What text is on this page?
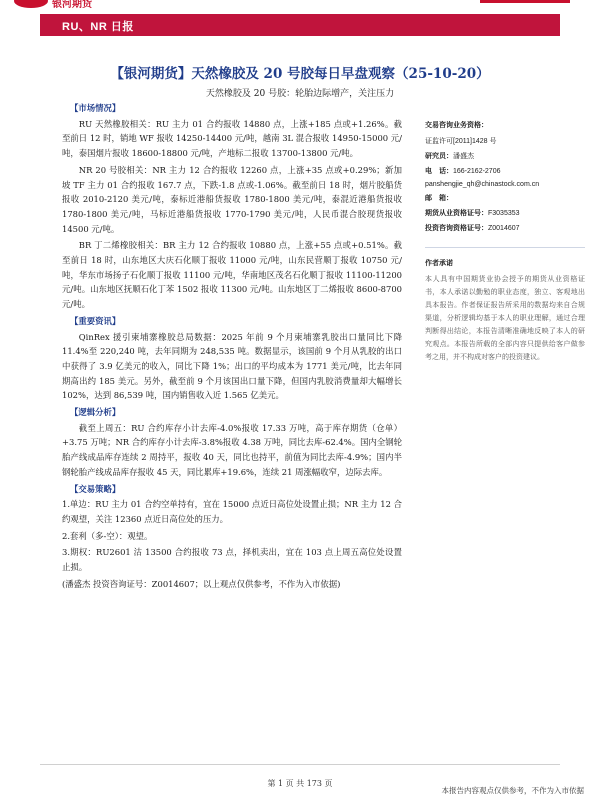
银河期货
RU、NR 日报
【银河期货】天然橡胶及 20 号胶每日早盘观察（25-10-20）
天然橡胶及 20 号胶：轮胎边际增产，关注压力
【市场情况】

RU 天然橡胶相关：RU 主力 01 合约报收 14880 点，上涨+185 点或+1.26%。截至前日 12 时，销地 WF 报收 14250-14400 元/吨，越南 3L 混合报收 14950-15000 元/吨，泰国烟片报收 18600-18800 元/吨，产地标二报收 13700-13800 元/吨。

NR 20 号胶相关：NR 主力 12 合约报收 12260 点，上涨+35 点或+0.29%；新加坡 TF 主力 01 合约报收 167.7 点，下跌-1.8 点或-1.06%。截至前日 18 时，烟片胶船货报收 2010-2120 美元/吨，泰标近港船货报收 1780-1800 美元/吨，泰混近港船货报收 1780-1800 美元/吨，马标近港船货报收 1770-1790 美元/吨，人民币混合胶现货报收 14500 元/吨。

BR 丁二烯橡胶相关：BR 主力 12 合约报收 10880 点，上涨+55 点或+0.51%。截至前日 18 时，山东地区大庆石化顺丁报收 11000 元/吨，山东民营顺丁报收 10750 元/吨，华东市场扬子石化顺丁报收 11100 元/吨，华南地区茂名石化顺丁报收 11100-11200 元/吨。山东地区抚顺石化丁苯 1502 报收 11300 元/吨。山东地区丁二烯报收 8600-8700 元/吨。

【重要资讯】

QinRex 援引柬埔寨橡胶总局数据：2025 年前 9 个月柬埔寨乳胶出口量同比下降 11.4%至 220,240 吨，去年同期为 248,535 吨。数据显示，该国前 9 个月从乳胶的出口中获得了 3.9 亿美元的收入，同比下降 1%；出口的平均成本为 1771 美元/吨，比去年同期高出约 185 美元。另外，截至前 9 个月该国出口量下降，但国内乳胶消费量却大幅增长 102%，达到 86,539 吨，国内销售收入近 1.565 亿美元。

【逻辑分析】

截至上周五：RU 合约库存小计去库-4.0%报收 17.33 万吨，高于库存期货（仓单）+3.75 万吨；NR 合约库存小计去库-3.8%报收 4.38 万吨，同比去库-62.4%。国内全钢轮胎产线成品库存连续 2 周持平，报收 40 天，同比也持平，前值为同比去库-4.9%；国内半钢轮胎产线成品库存报收 45 天，同比累库+19.6%，连续 21 周涨幅收窄，边际去库。

【交易策略】

1.单边：RU 主力 01 合约空单持有，宜在 15000 点近日高位处设置止损；NR 主力 12 合约观望，关注 12360 点近日高位处的压力。

2.套利（多-空）：观望。

3.期权：RU2601 沽 13500 合约报收 73 点，择机卖出，宜在 103 点上周五高位处设置止损。

(潘盛杰 投资咨询证号：Z0014607；以上观点仅供参考，不作为入市依据)

交易咨询业务资格：
证监许可[2011]1428 号
研究员：潘盛杰
电　话：166-2162-2706
panshengjie_qh@chinastock.com.cn
邮　箱：
期货从业资格证号：F3035353
投资咨询资格证号：Z0014607
作者承诺
本人具有中国期货业协会授予的期货从业资格证书，本人承诺以勤勉的职业态度，独立、客观地出具本报告。作者保证报告所采用的数据均来自合规渠道，分析逻辑均基于本人的职业理解，通过合理判断得出结论，本报告清晰准确地反映了本人的研究观点。本报告所载的全部内容只提供给客户做参考之用，并不构成对客户的投资建议。
第 1 页 共 173 页
本报告内容观点仅供参考，不作为入市依据
